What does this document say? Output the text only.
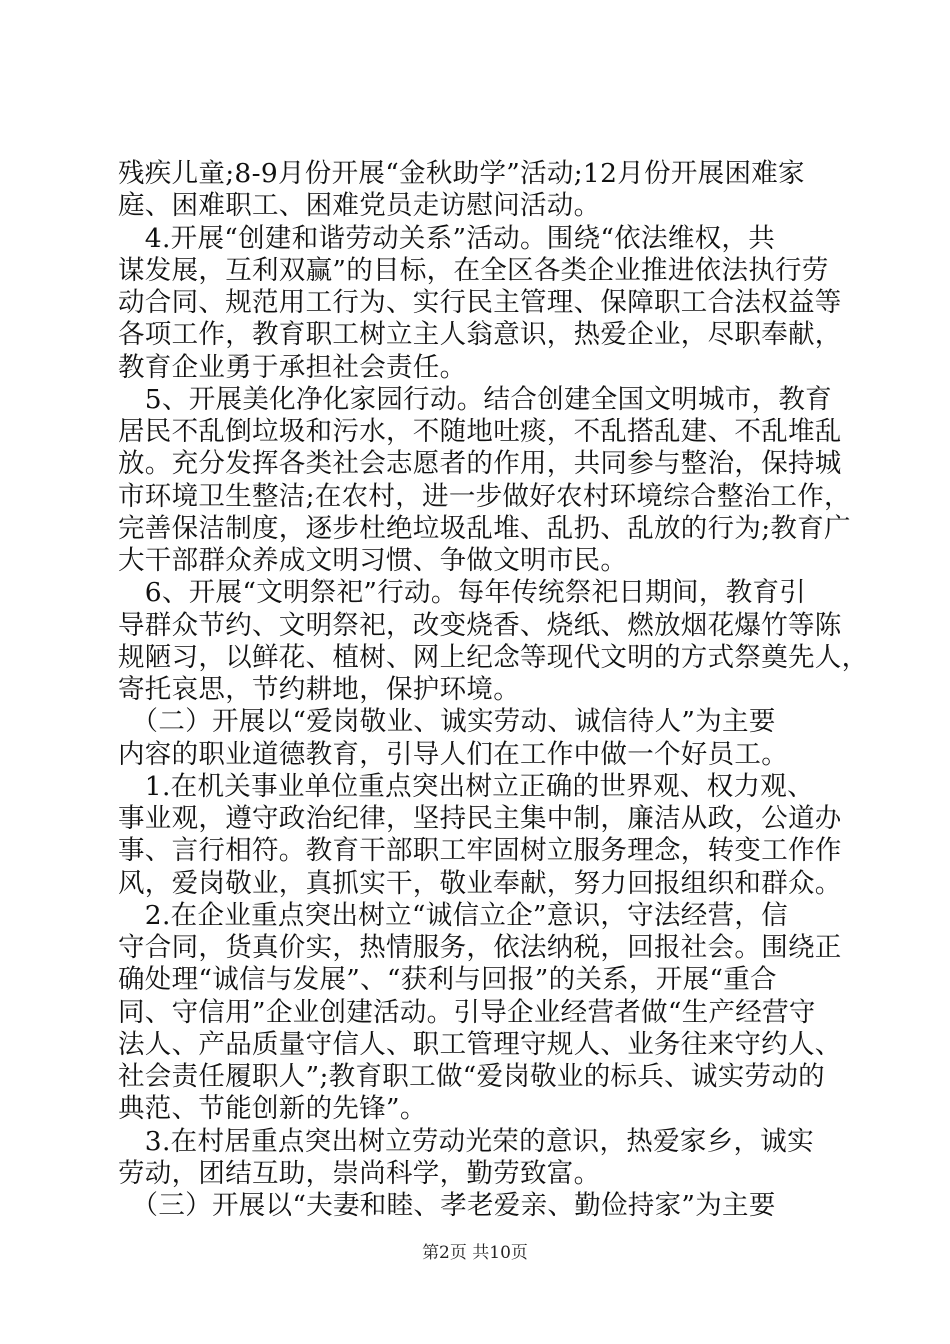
残疾儿童;8-9月份开展“金秋助学”活动;12月份开展困难家
庭、困难职工、困难党员走访慰问活动。
　4.开展“创建和谐劳动关系”活动。围绕“依法维权，共
谋发展，互利双赢”的目标，在全区各类企业推进依法执行劳
动合同、规范用工行为、实行民主管理、保障职工合法权益等
各项工作，教育职工树立主人翁意识，热爱企业，尽职奉献，
教育企业勇于承担社会责任。
　5、开展美化净化家园行动。结合创建全国文明城市，教育
居民不乱倒垃圾和污水，不随地吐痰，不乱搭乱建、不乱堆乱
放。充分发挥各类社会志愿者的作用，共同参与整治，保持城
市环境卫生整洁;在农村，进一步做好农村环境综合整治工作，
完善保洁制度，逐步杜绝垃圾乱堆、乱扔、乱放的行为;教育广
大干部群众养成文明习惯、争做文明市民。
　6、开展“文明祭祀”行动。每年传统祭祀日期间，教育引
导群众节约、文明祭祀，改变烧香、烧纸、燃放烟花爆竹等陈
规陋习，以鲜花、植树、网上纪念等现代文明的方式祭奠先人，
寄托哀思，节约耕地，保护环境。
　（二）开展以“爱岗敬业、诚实劳动、诚信待人”为主要
内容的职业道德教育，引导人们在工作中做一个好员工。
　1.在机关事业单位重点突出树立正确的世界观、权力观、
事业观，遵守政治纪律，坚持民主集中制，廉洁从政，公道办
事、言行相符。教育干部职工牢固树立服务理念，转变工作作
风，爱岗敬业，真抓实干，敬业奉献，努力回报组织和群众。
　2.在企业重点突出树立“诚信立企”意识，守法经营，信
守合同，货真价实，热情服务，依法纳税，回报社会。围绕正
确处理“诚信与发展”、“获利与回报”的关系，开展“重合
同、守信用”企业创建活动。引导企业经营者做“生产经营守
法人、产品质量守信人、职工管理守规人、业务往来守约人、
社会责任履职人”;教育职工做“爱岗敬业的标兵、诚实劳动的
典范、节能创新的先锋”。
　3.在村居重点突出树立劳动光荣的意识，热爱家乡，诚实
劳动，团结互助，崇尚科学，勤劳致富。
　（三）开展以“夫妻和睦、孝老爱亲、勤俭持家”为主要
第2页 共10页
